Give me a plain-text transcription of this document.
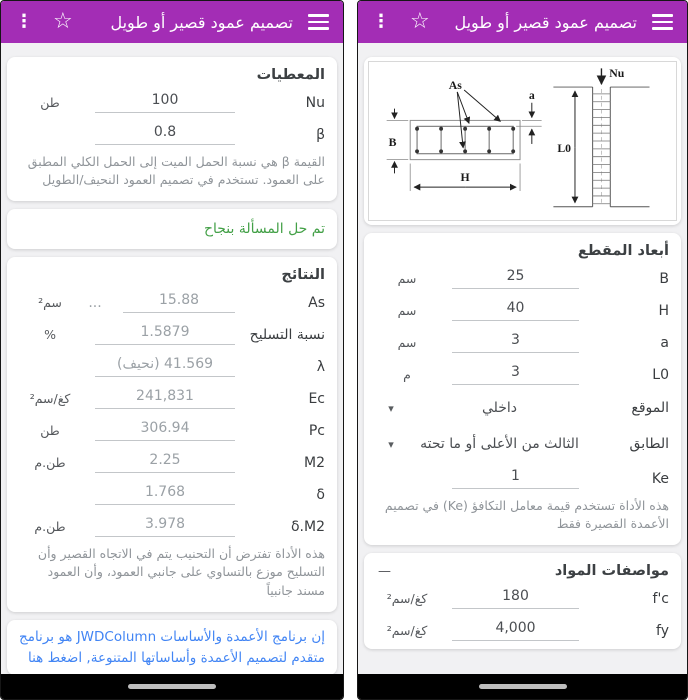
تصميم عمود قصير أو طويل
☆
⋮
المعطيات
Nu
100
طن
β
0.8

القيمة β هي نسبة الحمل الميت إلى الحمل الكلي المطبق على العمود. تستخدم في تصميم العمود النحيف/الطويل

تم حل المسألة بنجاح
النتائج
As
15.88
...
سم²
نسبة التسليح
1.5879
%
λ
41.569 (نحيف)
Ec
241,831
كغ/سم²
Pc
306.94
طن
M2
2.25
طن.م
δ
1.768
δ.M2
3.978
طن.م

هذه الأداة تفترض أن التحنيب يتم في الاتجاه القصير وأن التسليح موزع بالتساوي على جانبي العمود، وأن العمود مسند جانبياً

إن برنامج الأعمدة والأساسات JWDColumn هو برنامج متقدم لتصميم الأعمدة وأساساتها المتنوعة, اضغط هنا

تصميم عمود قصير أو طويل
☆
⋮
As
a
B
H
Nu
L0
أبعاد المقطع
B
25
سم
H
40
سم
a
3
سم
L0
3
م
الموقع
داخلي
▾
الطابق
الثالث من الأعلى أو ما تحته
▾
Ke
1

هذه الأداة تستخدم قيمة معامل التكافؤ (Ke) في تصميم الأعمدة القصيرة فقط

مواصفات المواد
—
f'c
180
كغ/سم²
fy
4,000
كغ/سم²
